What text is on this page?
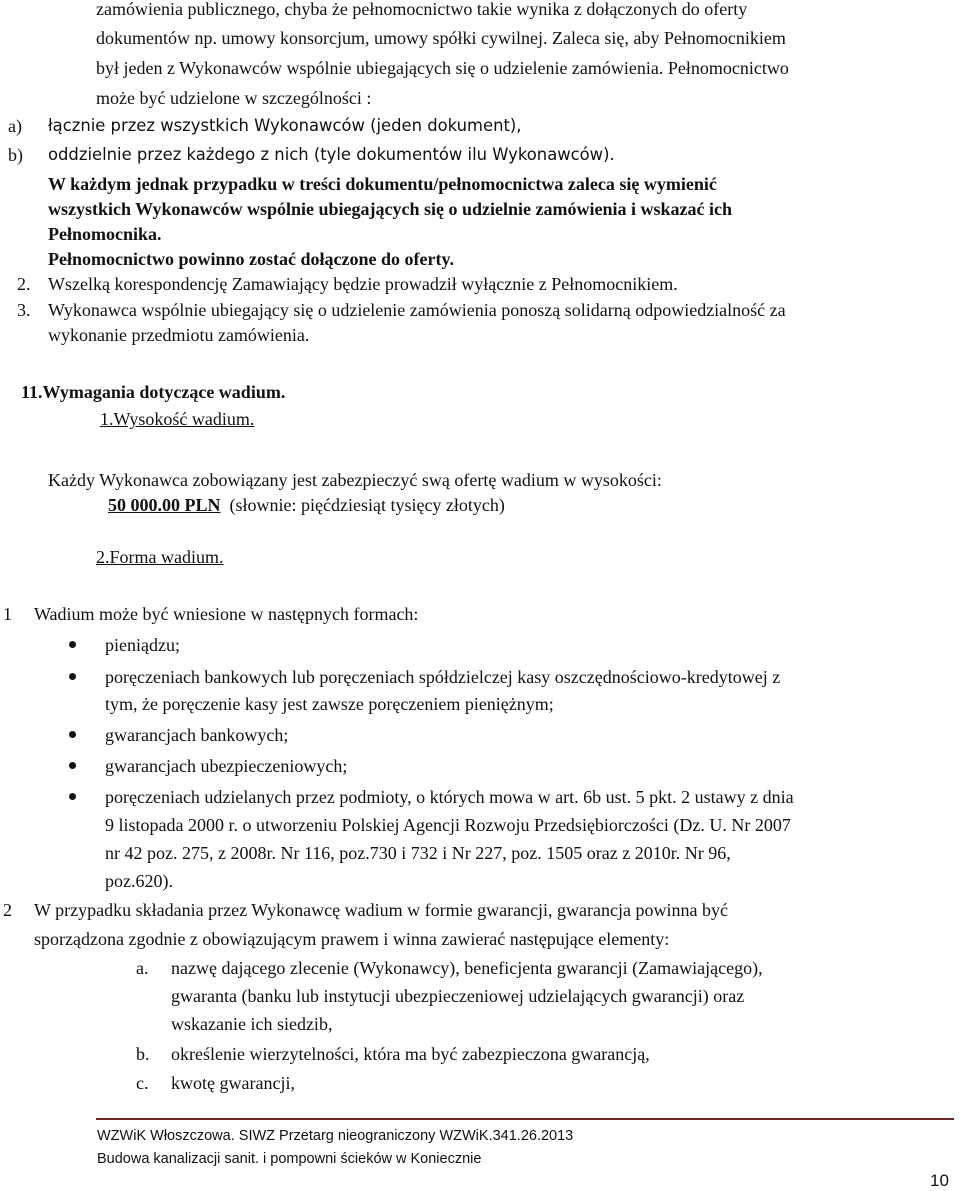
zamówienia publicznego, chyba że pełnomocnictwo takie wynika z dołączonych do oferty
dokumentów np. umowy konsorcjum, umowy spółki cywilnej. Zaleca się, aby Pełnomocnikiem
był jeden z Wykonawców wspólnie ubiegających się o udzielenie zamówienia. Pełnomocnictwo
może być udzielone w szczególności :
a) łącznie przez wszystkich Wykonawców (jeden dokument),
b) oddzielnie przez każdego z nich (tyle dokumentów ilu Wykonawców).
W każdym jednak przypadku w treści dokumentu/pełnomocnictwa zaleca się wymienić
wszystkich Wykonawców wspólnie ubiegających się o udzielnie zamówienia i wskazać ich
Pełnomocnika.
Pełnomocnictwo powinno zostać dołączone do oferty.
2. Wszelką korespondencję Zamawiający będzie prowadził wyłącznie z Pełnomocnikiem.
3. Wykonawca wspólnie ubiegający się o udzielenie zamówienia ponoszą solidarną odpowiedzialność za
wykonanie przedmiotu zamówienia.
11.Wymagania dotyczące wadium.
1.Wysokość wadium.
Każdy Wykonawca zobowiązany jest zabezpieczyć swą ofertę wadium w wysokości:
50 000.00 PLN (słownie: pięćdziesiąt tysięcy złotych)
2.Forma wadium.
1 Wadium może być wniesione w następnych formach:
pieniądzu;
poręczeniach bankowych lub poręczeniach spółdzielczej kasy oszczędnościowo-kredytowej z
tym, że poręczenie kasy jest zawsze poręczeniem pieniężnym;
gwarancjach bankowych;
gwarancjach ubezpieczeniowych;
poręczeniach udzielanych przez podmioty, o których mowa w art. 6b ust. 5 pkt. 2 ustawy z dnia
9 listopada 2000 r. o utworzeniu Polskiej Agencji Rozwoju Przedsiębiorczości (Dz. U. Nr 2007
nr 42 poz. 275, z 2008r. Nr 116, poz.730 i 732 i Nr 227, poz. 1505 oraz z 2010r. Nr 96,
poz.620).
2 W przypadku składania przez Wykonawcę wadium w formie gwarancji, gwarancja powinna być
sporządzona zgodnie z obowiązującym prawem i winna zawierać następujące elementy:
a. nazwę dającego zlecenie (Wykonawcy), beneficjenta gwarancji (Zamawiającego),
gwaranta (banku lub instytucji ubezpieczeniowej udzielających gwarancji) oraz
wskazanie ich siedzib,
b. określenie wierzytelności, która ma być zabezpieczona gwarancją,
c. kwotę gwarancji,
WZWiK Włoszczowa. SIWZ Przetarg nieograniczony WZWiK.341.26.2013
Budowa kanalizacji sanit. i pompowni ścieków w Konieczni​e
10
